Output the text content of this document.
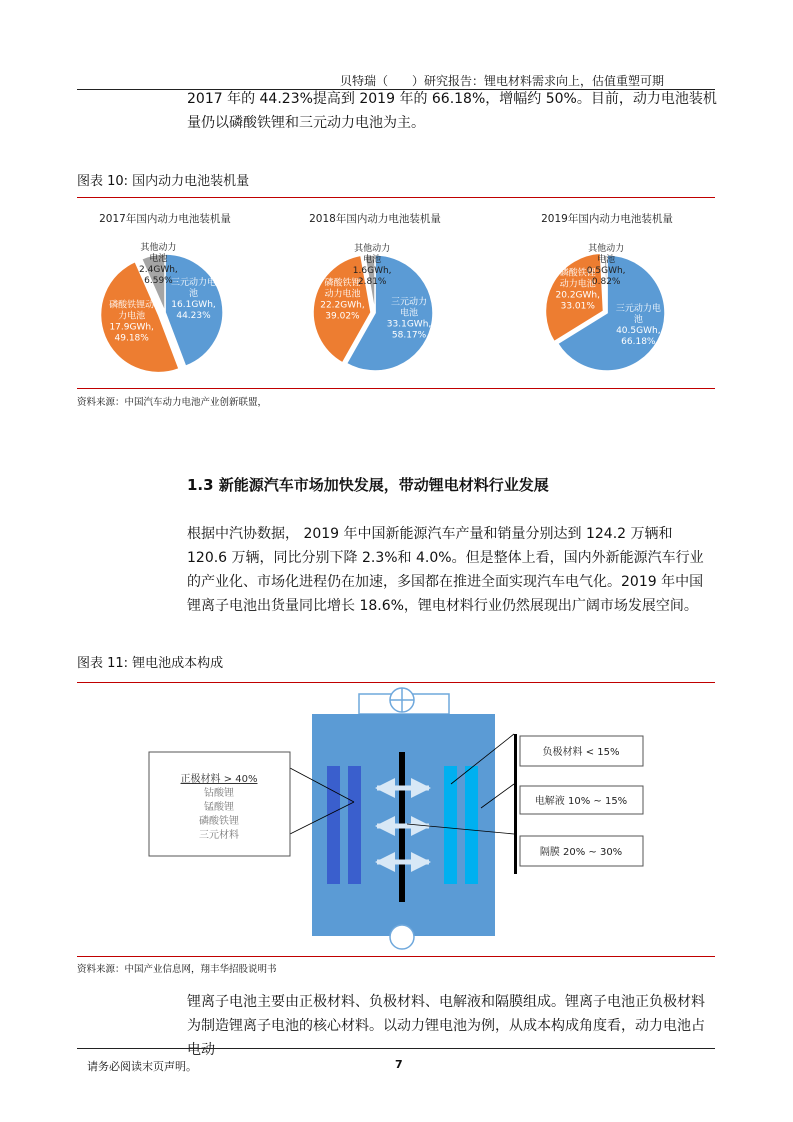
贝特瑞（　　）研究报告：锂电材料需求向上，估值重塑可期

2017 年的 44.23%提高到 2019 年的 66.18%，增幅约 50%。目前，动力电池装机量仍以磷酸铁锂和三元动力电池为主。

图表 10: 国内动力电池装机量
2017年国内动力电池装机量
三元动力电池 16.1GWh, 44.23%
磷酸铁锂动力电池 17.9GWh, 49.18%
其他动力电池 2.4GWh, 6.59%
2018年国内动力电池装机量
三元动力电池 33.1GWh, 58.17%
磷酸铁锂动力电池 22.2GWh, 39.02%
其他动力电池 1.6GWh, 2.81%
2019年国内动力电池装机量
三元动力电池 40.5GWh, 66.18%
磷酸铁锂动力电池 20.2GWh, 33.01%
其他动力电池 0.5GWh, 0.82%
资料来源：中国汽车动力电池产业创新联盟，
1.3 新能源汽车市场加快发展，带动锂电材料行业发展

根据中汽协数据， 2019 年中国新能源汽车产量和销量分别达到 124.2 万辆和 120.6 万辆，同比分别下降 2.3%和 4.0%。但是整体上看，国内外新能源汽车行业的产业化、市场化进程仍在加速，多国都在推进全面实现汽车电气化。2019 年中国锂离子电池出货量同比增长 18.6%，锂电材料行业仍然展现出广阔市场发展空间。

图表 11: 锂电池成本构成
正极材料 > 40%
钴酸锂
锰酸锂
磷酸铁锂
三元材料
负极材料 < 15%
电解液 10% ~ 15%
隔膜 20% ~ 30%
资料来源：中国产业信息网，翔丰华招股说明书

锂离子电池主要由正极材料、负极材料、电解液和隔膜组成。锂离子电池正负极材料为制造锂离子电池的核心材料。以动力锂电池为例，从成本构成角度看，动力电池占电动

请务必阅读末页声明。	7
